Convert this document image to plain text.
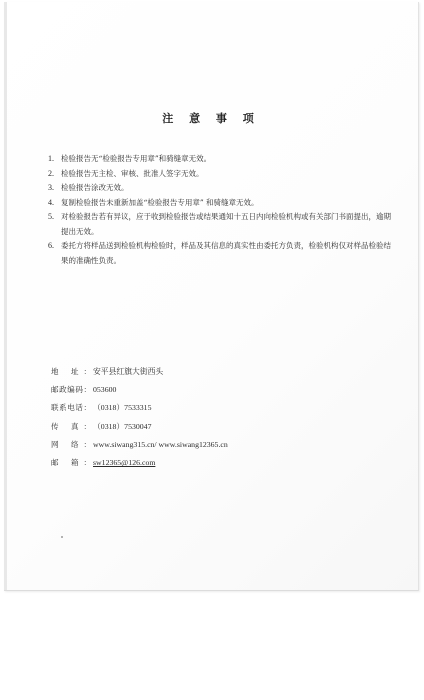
注 意 事 项
1. 检验报告无“检验报告专用章”和骑缝章无效。
2. 检验报告无主检、审核、批准人签字无效。
3. 检验报告涂改无效。
4. 复制检验报告未重新加盖“检验报告专用章” 和骑缝章无效。
5. 对检验报告若有异议，应于收到检验报告或结果通知十五日内向检验机构或有关部门书面提出，逾期提出无效。
6. 委托方将样品送到检验机构检验时，样品及其信息的真实性由委托方负责，检验机构仅对样品检验结果的准确性负责。
地 址： 安平县红旗大街西头
邮政编码： 053600
联系电话： （0318）7533315
传 真： （0318）7530047
网 络： www.siwang315.cn/ www.siwang12365.cn
邮 箱： sw12365@126.com
